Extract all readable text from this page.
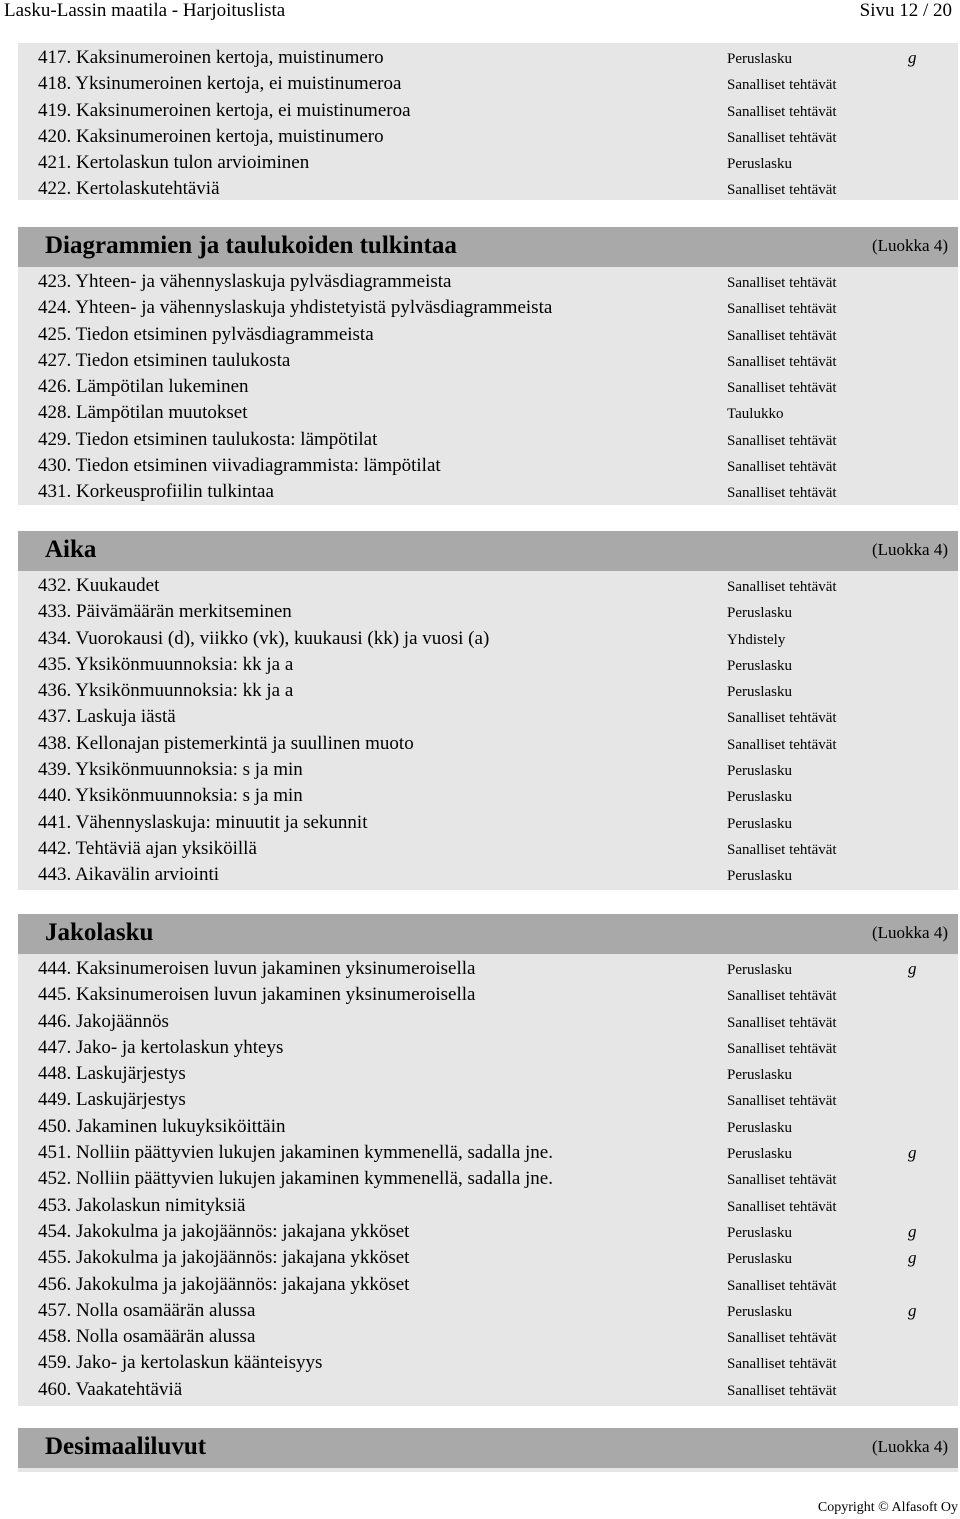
Lasku-Lassin maatila - Harjoituslista	Sivu 12 / 20
417. Kaksinumeroinen kertoja, muistinumero	Peruslasku	g
418. Yksinumeroinen kertoja, ei muistinumeroa	Sanalliset tehtävät
419. Kaksinumeroinen kertoja, ei muistinumeroa	Sanalliset tehtävät
420. Kaksinumeroinen kertoja, muistinumero	Sanalliset tehtävät
421. Kertolaskun tulon arvioiminen	Peruslasku
422. Kertolaskutehtäviä	Sanalliset tehtävät
Diagrammien ja taulukoiden tulkintaa	(Luokka 4)
423. Yhteen- ja vähennyslaskuja pylväsdiagrammeista	Sanalliset tehtävät
424. Yhteen- ja vähennyslaskuja yhdistetyistä pylväsdiagrammeista	Sanalliset tehtävät
425. Tiedon etsiminen pylväsdiagrammeista	Sanalliset tehtävät
427. Tiedon etsiminen taulukosta	Sanalliset tehtävät
426. Lämpötilan lukeminen	Sanalliset tehtävät
428. Lämpötilan muutokset	Taulukko
429. Tiedon etsiminen taulukosta: lämpötilat	Sanalliset tehtävät
430. Tiedon etsiminen viivadiagrammista: lämpötilat	Sanalliset tehtävät
431. Korkeusprofiilin tulkintaa	Sanalliset tehtävät
Aika	(Luokka 4)
432. Kuukaudet	Sanalliset tehtävät
433. Päivämäärän merkitseminen	Peruslasku
434. Vuorokausi (d), viikko (vk), kuukausi (kk) ja vuosi (a)	Yhdistely
435. Yksikönmuunnoksia: kk ja a	Peruslasku
436. Yksikönmuunnoksia: kk ja a	Peruslasku
437. Laskuja iästä	Sanalliset tehtävät
438. Kellonajan pistemerkintä ja suullinen muoto	Sanalliset tehtävät
439. Yksikönmuunnoksia: s ja min	Peruslasku
440. Yksikönmuunnoksia: s ja min	Peruslasku
441. Vähennyslaskuja: minuutit ja sekunnit	Peruslasku
442. Tehtäviä ajan yksiköillä	Sanalliset tehtävät
443. Aikavälin arviointi	Peruslasku
Jakolasku	(Luokka 4)
444. Kaksinumeroisen luvun jakaminen yksinumeroisella	Peruslasku	g
445. Kaksinumeroisen luvun jakaminen yksinumeroisella	Sanalliset tehtävät
446. Jakojäännös	Sanalliset tehtävät
447. Jako- ja kertolaskun yhteys	Sanalliset tehtävät
448. Laskujärjestys	Peruslasku
449. Laskujärjestys	Sanalliset tehtävät
450. Jakaminen lukuyksiköittäin	Peruslasku
451. Nolliin päättyvien lukujen jakaminen kymmenellä, sadalla jne.	Peruslasku	g
452. Nolliin päättyvien lukujen jakaminen kymmenellä, sadalla jne.	Sanalliset tehtävät
453. Jakolaskun nimityksiä	Sanalliset tehtävät
454. Jakokulma ja jakojäännös: jakajana ykköset	Peruslasku	g
455. Jakokulma ja jakojäännös: jakajana ykköset	Peruslasku	g
456. Jakokulma ja jakojäännös: jakajana ykköset	Sanalliset tehtävät
457. Nolla osamäärän alussa	Peruslasku	g
458. Nolla osamäärän alussa	Sanalliset tehtävät
459. Jako- ja kertolaskun käänteisyys	Sanalliset tehtävät
460. Vaakatehtäviä	Sanalliset tehtävät
Desimaaliluvut	(Luokka 4)
Copyright © Alfasoft Oy
